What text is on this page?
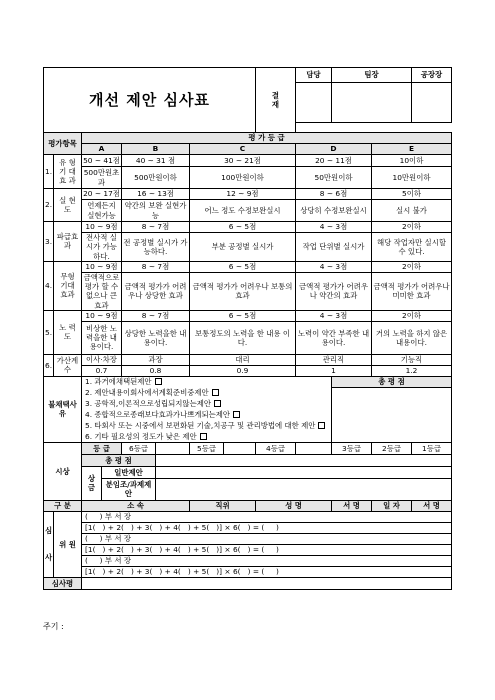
개선 제안 심사표								결
재	담당	팀장		공장장

평가항목		평 가 등 급										
		A		B		C			D		E	
1.	유 형
기 대
효 과	50 ~ 41점		40 ~ 31 점		30 ~ 21점			20 ~ 11점		10이하	
		500만원초과		500만원이하		100만원이하			50만원이하		10만원이하	
2.	실 현 도	20 ~ 17점		16 ~ 13점		12 ~ 9점			8 ~ 6점		5이하	
		언제든지 실현가능		약간의 보완 실현가능		어느 정도 수정보완실시			상당히 수정보완실시		실시 불가	
3.	파급효과	10 ~ 9점		8 ~ 7점		6 ~ 5점			4 ~ 3점		2이하	
		전사적 실시가 가능하다.		전 공정별 실시가 가능하다.		부분 공정별 실시가			작업 단위별 실시가		해당 작업자만 실시할 수 있다.	
4.	무형
기대
효과	10 ~ 9점		8 ~ 7점		6 ~ 5점			4 ~ 3점		2이하	
		금액적으로 평가 할 수 없으나 큰 효과		금액적 평가가 어려우나 상당한 효과		금액적 평가가 어려우나 보통의 효과			금액적 평가가 어려우나 약간의 효과		금액적 평가가 어려우나 미미한 효과	
5.	노 력 도	10 ~ 9점		8 ~ 7점		6 ~ 5점			4 ~ 3점		2이하	
		비상한 노력을한 내용이다.		상당한 노력을한 내용이다.		보통정도의 노력을 한 내용 이다.			노력이 약간 부족한 내용이다.		거의 노력을 하지 않은 내용이다.	
6.	가산계수	이사·차장		과장		대리			관리직		기능직	
		0.7		0.8		0.9			1		1.2	
불채택사유		1. 과거에채택된제안								총 평 점		
		2. 제안내용이회사에서계획준비중제안										
		3. 공학적,이론적으로성립되지않는제안										
		4. 종합적으로종래보다효과가나쁘게되는제안										
		5. 타회사 또는 시중에서 보편화된 기술,치공구 및 관리방법에 대한 제안										
		6. 기타 필요성의 정도가 낮은 제안										
시상		등 급		6등급		5등급		4등급		3등급	2등급	1등급
		총 평 점										

		상
금	일반제안									
			분임조/과제제안									
구 분		소 속				직위		성 명		서 명	일 자	서 명

심
사	위 원	(     ) 부 서 장										
		[1( ) + 2( ) + 3( ) + 4( ) + 5( )] × 6( ) = ( )										
		(     ) 부 서 장										
		[1( ) + 2( ) + 3( ) + 4( ) + 5( )] × 6( ) = ( )										
		(     ) 부 서 장										
		[1( ) + 2( ) + 3( ) + 4( ) + 5( )] × 6( ) = ( )										
심사평												
주기 :
